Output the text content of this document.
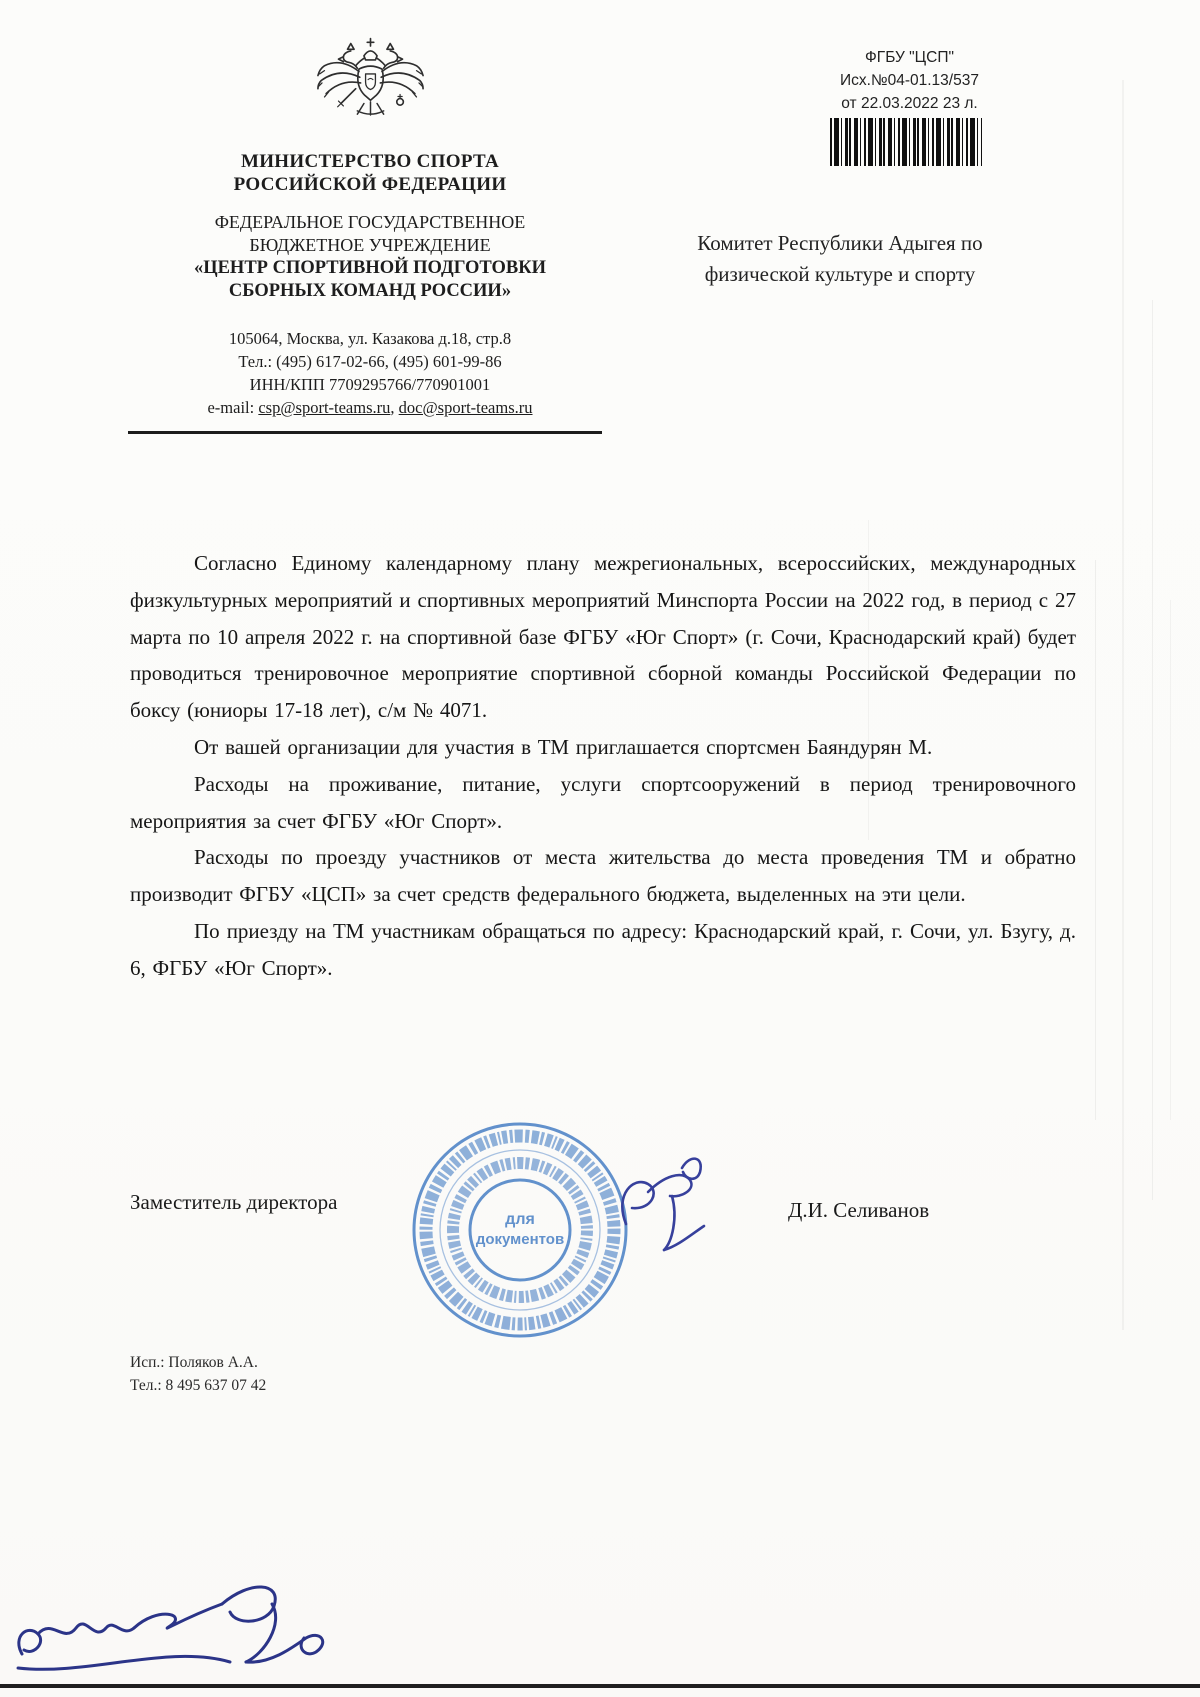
МИНИСТЕРСТВО СПОРТА
РОССИЙСКОЙ ФЕДЕРАЦИИ
ФЕДЕРАЛЬНОЕ ГОСУДАРСТВЕННОЕ
БЮДЖЕТНОЕ УЧРЕЖДЕНИЕ
«ЦЕНТР СПОРТИВНОЙ ПОДГОТОВКИ
СБОРНЫХ КОМАНД РОССИИ»
105064, Москва, ул. Казакова д.18, стр.8
Тел.: (495) 617-02-66, (495) 601-99-86
ИНН/КПП 7709295766/770901001
e-mail: csp@sport-teams.ru, doc@sport-teams.ru
ФГБУ "ЦСП"
Исх.№04-01.13/537
от 22.03.2022 23 л.
Комитет Республики Адыгея по
физической культуре и спорту

Согласно Единому календарному плану межрегиональных, всероссийских, международных физкультурных мероприятий и спортивных мероприятий Минспорта России на 2022 год, в период с 27 марта по 10 апреля 2022 г. на спортивной базе ФГБУ «Юг Спорт» (г. Сочи, Краснодарский край) будет проводиться тренировочное мероприятие спортивной сборной команды Российской Федерации по боксу (юниоры 17-18 лет), с/м № 4071.

От вашей организации для участия в ТМ приглашается спортсмен Баяндурян М.

Расходы на проживание, питание, услуги спортсооружений в период тренировочного мероприятия за счет ФГБУ «Юг Спорт».

Расходы по проезду участников от места жительства до места проведения ТМ и обратно производит ФГБУ «ЦСП» за счет средств федерального бюджета, выделенных на эти цели.

По приезду на ТМ участникам обращаться по адресу: Краснодарский край, г. Сочи, ул. Бзугу, д. 6, ФГБУ «Юг Спорт».

Заместитель директора	Д.И. Селиванов
для
документов
Исп.: Поляков А.А.
Тел.: 8 495 637 07 42
